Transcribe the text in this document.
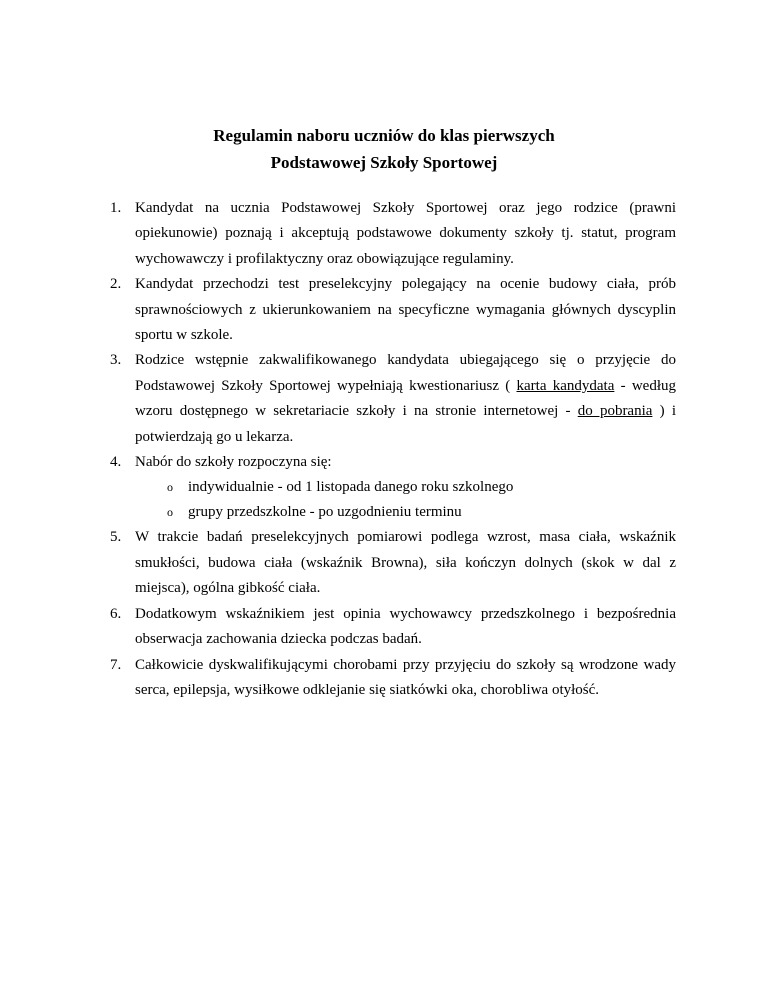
Regulamin naboru uczniów do klas pierwszych
Podstawowej Szkoły Sportowej
1. Kandydat na ucznia Podstawowej Szkoły Sportowej oraz jego rodzice (prawni opiekunowie) poznają i akceptują podstawowe dokumenty szkoły tj. statut, program wychowawczy i profilaktyczny oraz obowiązujące regulaminy.
2. Kandydat przechodzi test preselekcyjny polegający na ocenie budowy ciała, prób sprawnościowych z ukierunkowaniem na specyficzne wymagania głównych dyscyplin sportu w szkole.
3. Rodzice wstępnie zakwalifikowanego kandydata ubiegającego się o przyjęcie do Podstawowej Szkoły Sportowej wypełniają kwestionariusz ( karta kandydata - według wzoru dostępnego w sekretariacie szkoły i na stronie internetowej - do pobrania ) i potwierdzają go u lekarza.
4. Nabór do szkoły rozpoczyna się:
o indywidualnie - od 1 listopada danego roku szkolnego
o grupy przedszkolne - po uzgodnieniu terminu
5. W trakcie badań preselekcyjnych pomiarowi podlega wzrost, masa ciała, wskaźnik smukłości, budowa ciała (wskaźnik Browna), siła kończyn dolnych (skok w dal z miejsca), ogólna gibkość ciała.
6. Dodatkowym wskaźnikiem jest opinia wychowawcy przedszkolnego i bezpośrednia obserwacja zachowania dziecka podczas badań.
7. Całkowicie dyskwalifikującymi chorobami przy przyjęciu do szkoły są wrodzone wady serca, epilepsja, wysiłkowe odklejanie się siatkówki oka, chorobliwa otyłość.
